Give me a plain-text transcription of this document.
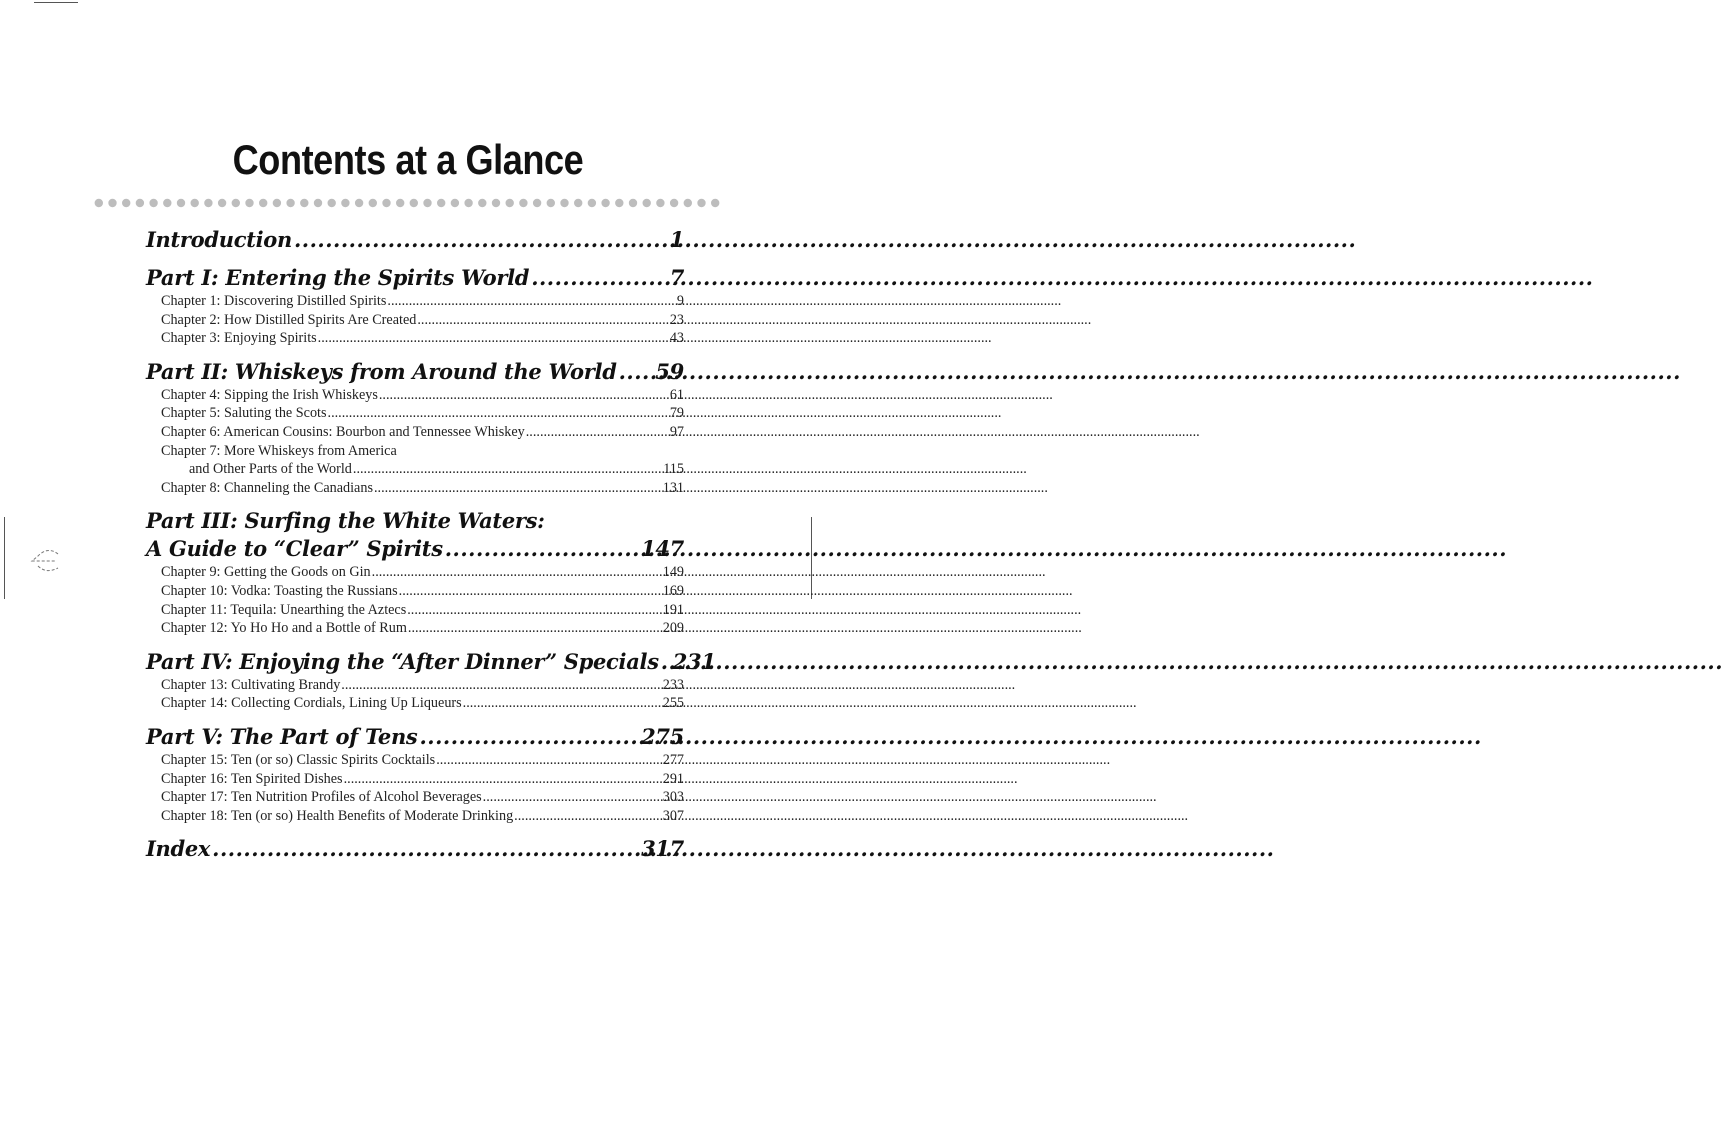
Contents at a Glance
Introduction .....	1
Part I: Entering the Spirits World .....	7
Chapter 1: Discovering Distilled Spirits .....	9
Chapter 2: How Distilled Spirits Are Created .....	23
Chapter 3: Enjoying Spirits .....	43
Part II: Whiskeys from Around the World ..... 59
Chapter 4: Sipping the Irish Whiskeys .....	61
Chapter 5: Saluting the Scots .....	79
Chapter 6: American Cousins: Bourbon and Tennessee Whiskey .....	97
Chapter 7: More Whiskeys from America
and Other Parts of the World .....	115
Chapter 8: Channeling the Canadians .....	131
Part III: Surfing the White Waters:
A Guide to “Clear” Spirits .....	147
Chapter 9: Getting the Goods on Gin .....	149
Chapter 10: Vodka: Toasting the Russians .....	169
Chapter 11: Tequila: Unearthing the Aztecs .....	191
Chapter 12: Yo Ho Ho and a Bottle of Rum .....	209
Part IV: Enjoying the “After Dinner” Specials ..... 231
Chapter 13: Cultivating Brandy .....	233
Chapter 14: Collecting Cordials, Lining Up Liqueurs .....	255
Part V: The Part of Tens .....	275
Chapter 15: Ten (or so) Classic Spirits Cocktails .....	277
Chapter 16: Ten Spirited Dishes .....	291
Chapter 17: Ten Nutrition Profiles of Alcohol Beverages .....	303
Chapter 18: Ten (or so) Health Benefits of Moderate Drinking .....	307
Index .....	317
